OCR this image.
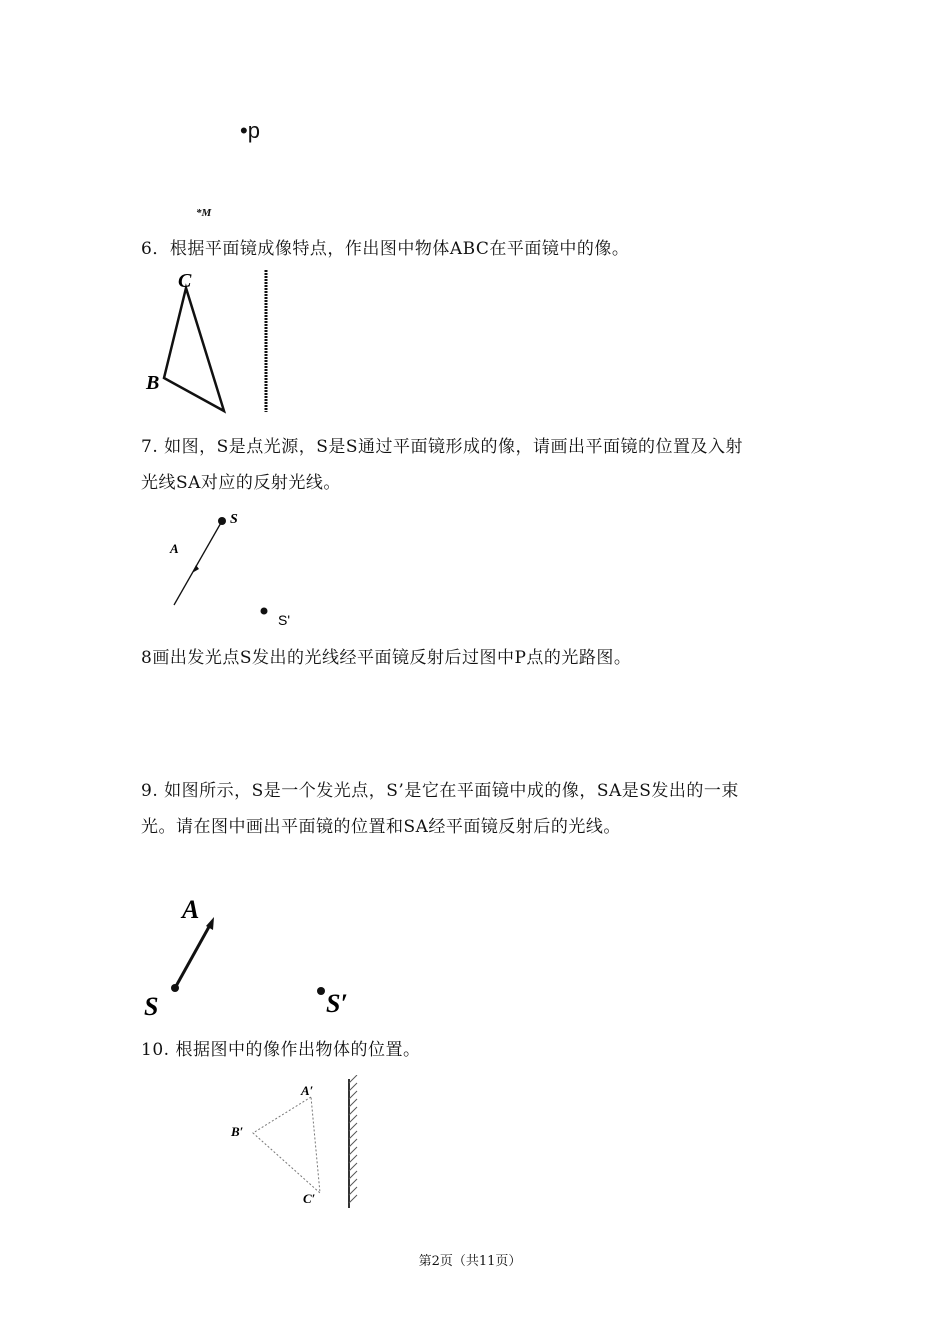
•p
*M
6．根据平面镜成像特点，作出图中物体ABC在平面镜中的像。
C
B
7. 如图，S是点光源，S是S通过平面镜形成的像，请画出平面镜的位置及入射
光线SA对应的反射光线。
S
A
S'
8画出发光点S发出的光线经平面镜反射后过图中P点的光路图。
9. 如图所示，S是一个发光点，S’是它在平面镜中成的像，SA是S发出的一束
光。请在图中画出平面镜的位置和SA经平面镜反射后的光线。
A
S	S′
10. 根据图中的像作出物体的位置。
A′
B′
C′
第2页（共11页）
